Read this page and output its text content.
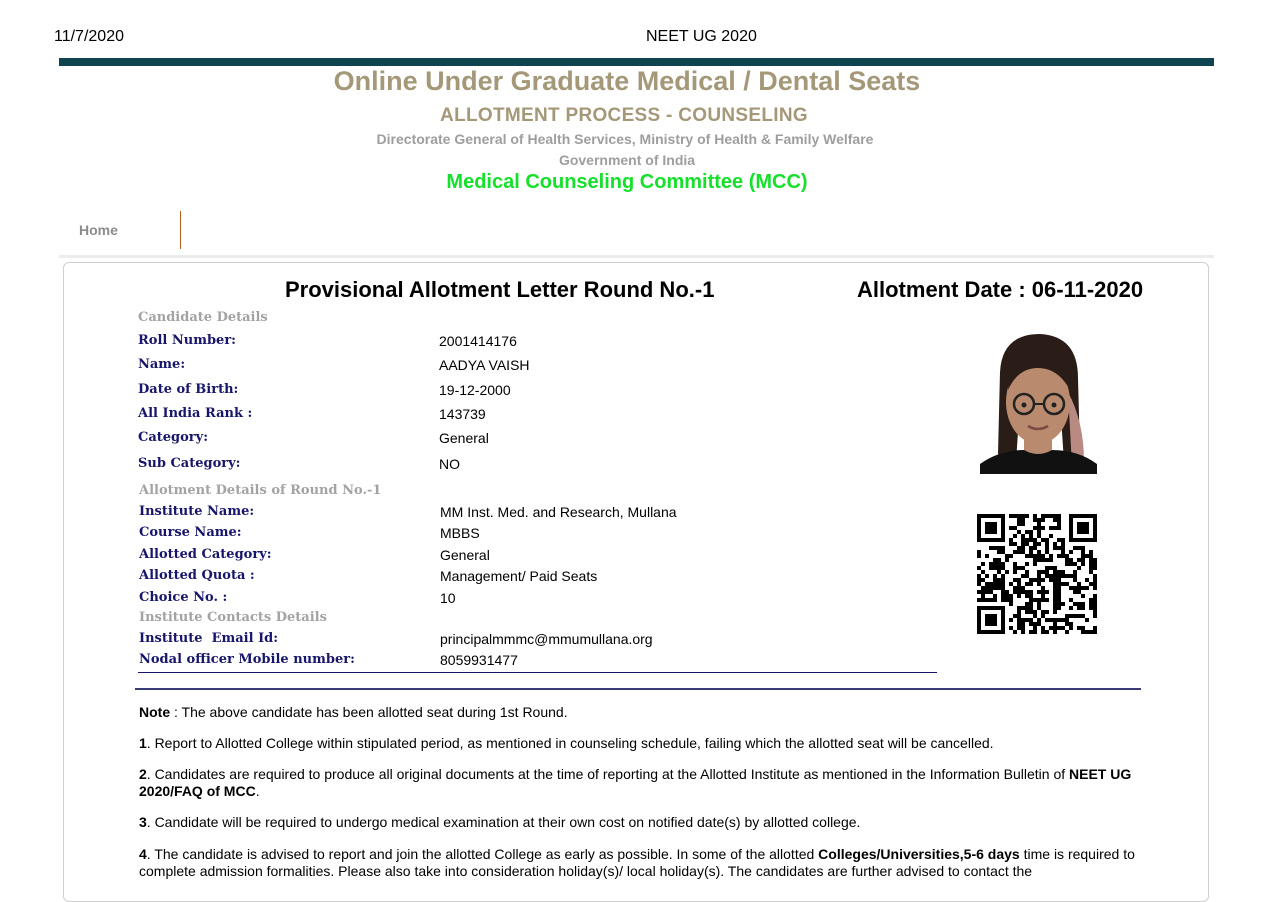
11/7/2020	NEET UG 2020
Online Under Graduate Medical / Dental Seats
ALLOTMENT PROCESS - COUNSELING
Directorate General of Health Services, Ministry of Health & Family Welfare
Government of India
Medical Counseling Committee (MCC)
Home
Provisional Allotment Letter Round No.-1	Allotment Date : 06-11-2020
Candidate Details
Roll Number:	2001414176
Name:	AADYA VAISH
Date of Birth:	19-12-2000
All India Rank :	143739
Category:	General
Sub Category:	NO
Allotment Details of Round No.-1
Institute Name:	MM Inst. Med. and Research, Mullana
Course Name:	MBBS
Allotted Category:	General
Allotted Quota :	Management/ Paid Seats
Choice No. :	10
Institute Contacts Details
Institute  Email Id:	principalmmmc@mmumullana.org
Nodal officer Mobile number:	8059931477
Note : The above candidate has been allotted seat during 1st Round.
1. Report to Allotted College within stipulated period, as mentioned in counseling schedule, failing which the allotted seat will be cancelled.
2. Candidates are required to produce all original documents at the time of reporting at the Allotted Institute as mentioned in the Information Bulletin of NEET UG 2020/FAQ of MCC.
3. Candidate will be required to undergo medical examination at their own cost on notified date(s) by allotted college.
4. The candidate is advised to report and join the allotted College as early as possible. In some of the allotted Colleges/Universities,5-6 days time is required to complete admission formalities. Please also take into consideration holiday(s)/ local holiday(s). The candidates are further advised to contact the
